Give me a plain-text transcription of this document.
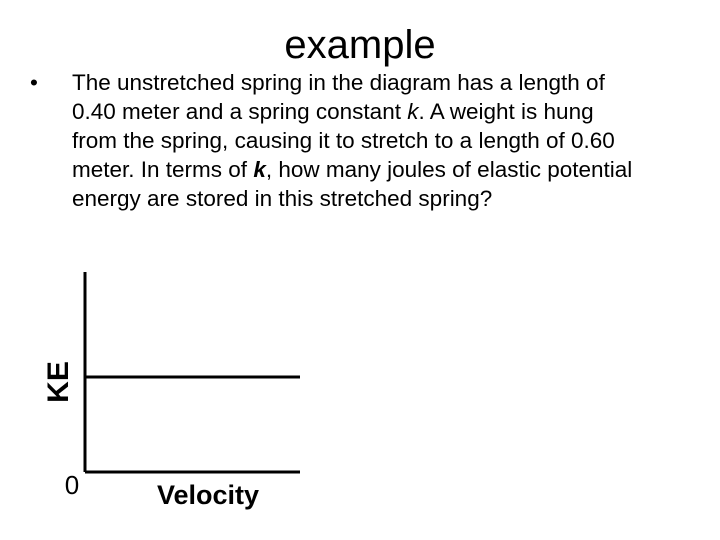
example
• The unstretched spring in the diagram has a length of
0.40 meter and a spring constant k. A weight is hung
from the spring, causing it to stretch to a length of 0.60
meter. In terms of k, how many joules of elastic potential
energy are stored in this stretched spring?
KE
0	Velocity
